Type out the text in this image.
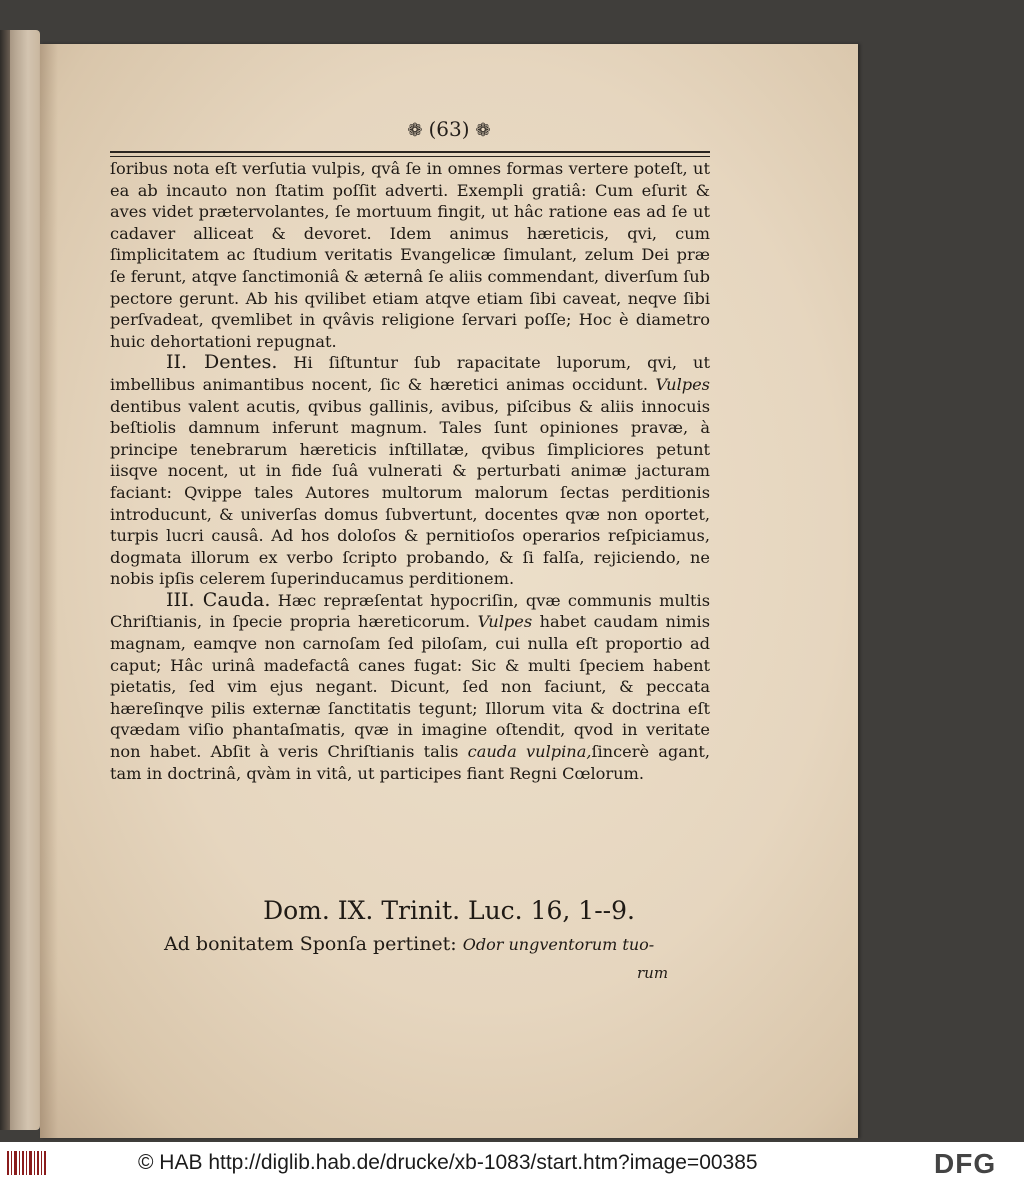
❁ (63) ❁

ſoribus nota eſt verſutia vulpis, qvâ ſe in omnes formas vertere poteſt, ut ea ab incauto non ſtatim poſſit adverti. Exempli gratiâ: Cum eſurit & aves videt prætervolantes, ſe mortuum fingit, ut hâc ratione eas ad ſe ut cadaver alliceat & devoret. Idem animus hæreticis, qvi, cum ſimplicitatem ac ſtudium veritatis Evangelicæ ſimulant, zelum Dei præ ſe ferunt, atqve ſanctimoniâ & æternâ ſe aliis commendant, diverſum ſub pectore gerunt. Ab his qvilibet etiam atqve etiam ſibi caveat, neqve ſibi perſvadeat, qvemlibet in qvâvis religione ſervari poſſe; Hoc è diametro huic dehortationi repugnat.

II. Dentes. Hi ſiſtuntur ſub rapacitate luporum, qvi, ut imbellibus animantibus nocent, ſic & hæretici animas occidunt. Vulpes dentibus valent acutis, qvibus gallinis, avibus, piſcibus & aliis innocuis beſtiolis damnum inferunt magnum. Tales ſunt opiniones pravæ, à principe tenebrarum hæreticis inſtillatæ, qvibus ſimpliciores petunt iisqve nocent, ut in fide ſuâ vulnerati & perturbati animæ jacturam faciant: Qvippe tales Autores multorum malorum ſectas perditionis introducunt, & univerſas domus ſubvertunt, docentes qvæ non oportet, turpis lucri causâ. Ad hos doloſos & pernitioſos operarios reſpiciamus, dogmata illorum ex verbo ſcripto probando, & ſi falſa, rejiciendo, ne nobis ipſis celerem ſuperinducamus perditionem.

III. Cauda. Hæc repræſentat hypocriſin, qvæ communis multis Chriſtianis, in ſpecie propria hæreticorum. Vulpes habet caudam nimis magnam, eamqve non carnoſam ſed piloſam, cui nulla eſt proportio ad caput; Hâc urinâ madefactâ canes fugat: Sic & multi ſpeciem habent pietatis, ſed vim ejus negant. Dicunt, ſed non faciunt, & peccata hæreſinqve pilis externæ ſanctitatis tegunt; Illorum vita & doctrina eſt qvædam viſio phantaſmatis, qvæ in imagine oſtendit, qvod in veritate non habet. Abſit à veris Chriſtianis talis cauda vulpina,ſincerè agant, tam in doctrinâ, qvàm in vitâ, ut participes fiant Regni Cœlorum.

Dom. IX. Trinit. Luc. 16, 1--9.
Ad bonitatem Sponſa pertinet: Odor ungventorum tuo-
rum
© HAB http://diglib.hab.de/drucke/xb-1083/start.htm?image=00385	DFG
